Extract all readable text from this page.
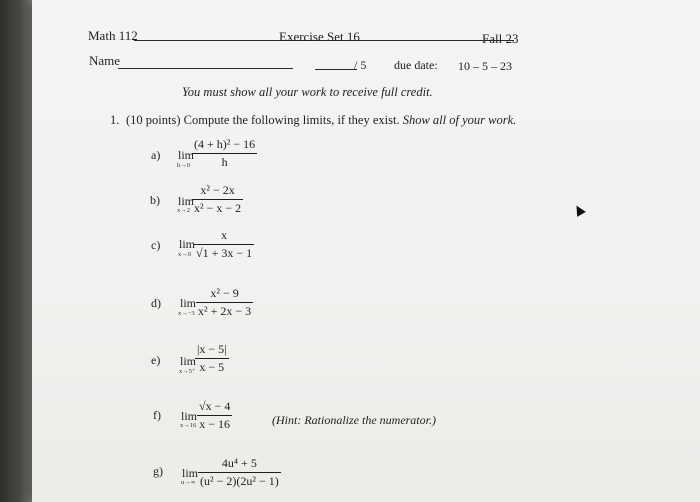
Math 112	Exercise Set 16	Fall 23
Name	/ 5 due date: 10 – 5 – 23
You must show all your work to receive full credit.
1. (10 points) Compute the following limits, if they exist. Show all of your work.
a) lim
h→0
(4 + h)² − 16
h
b) lim
x→2
x² − 2x
x² − x − 2
c) lim
x→0
x
√1 + 3x − 1
d) lim
x→−3
x² − 9
x² + 2x − 3
e) lim
x→5⁺
|x − 5|
x − 5
f) lim
x→16
√x − 4
x − 16	(Hint: Rationalize the numerator.)
g) lim
u→∞
4u⁴ + 5
(u² − 2)(2u² − 1)
